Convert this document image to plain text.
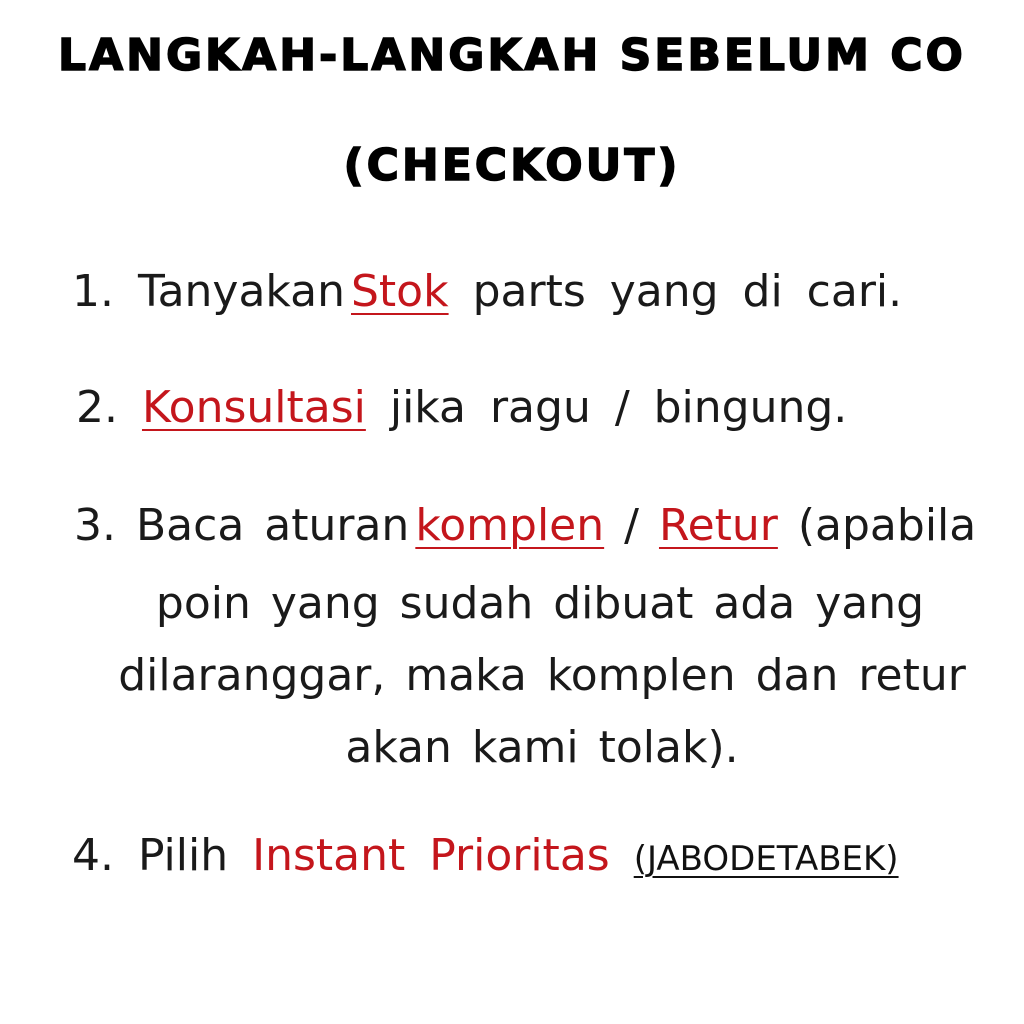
LANGKAH-LANGKAH SEBELUM CO
(CHECKOUT)
1. Tanyakan Stok parts yang di cari.
2. Konsultasi jika ragu / bingung.
3. Baca aturan komplen / Retur (apabila
poin yang sudah dibuat ada yang
dilaranggar, maka komplen dan retur
akan kami tolak).
4. Pilih Instant Prioritas (JABODETABEK)
